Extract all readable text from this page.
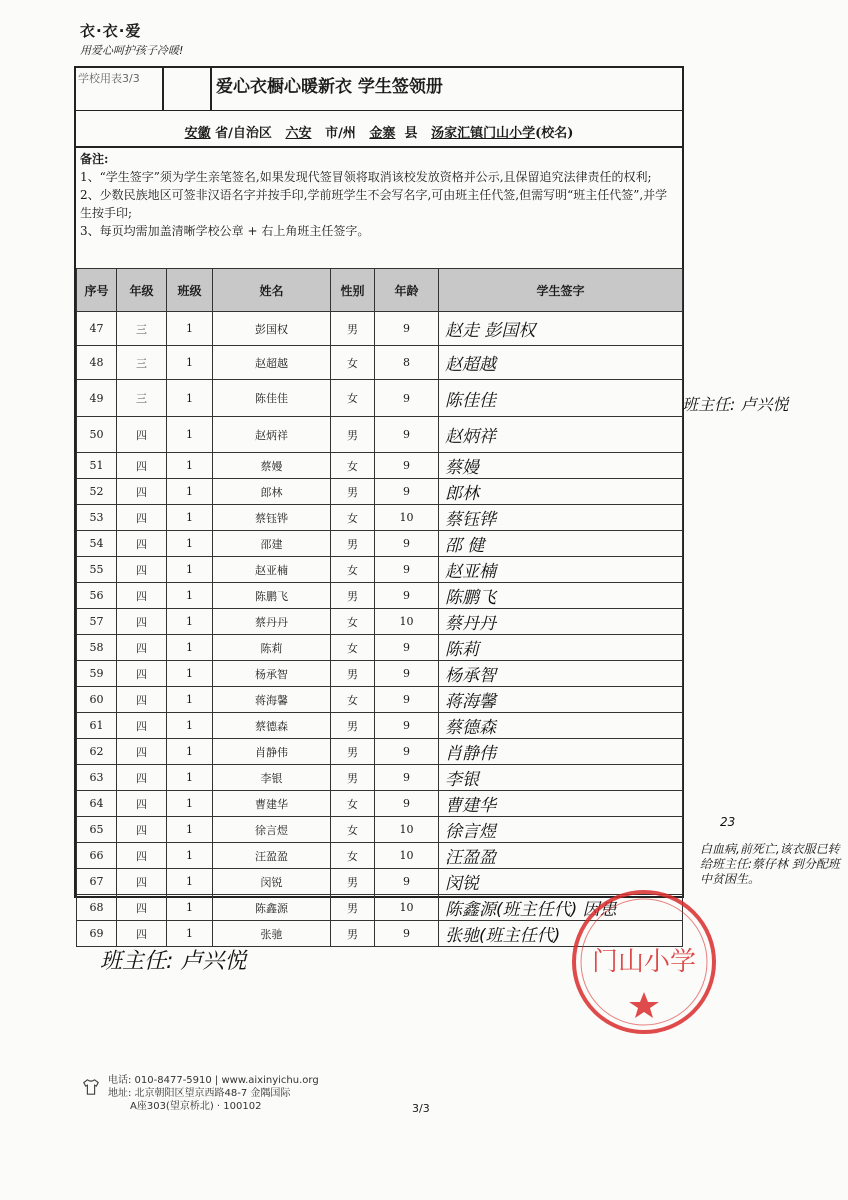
衣·衣·爱
用爱心呵护孩子冷暖!
学校用表3/3	爱心衣橱心暖新衣 学生签领册
安徽 省/自治区 六安 市/州 金寨 县 汤家汇镇门山小学(校名)
备注:
1、“学生签字”须为学生亲笔签名,如果发现代签冒领将取消该校发放资格并公示,且保留追究法律责任的权利;
2、少数民族地区可签非汉语名字并按手印,学前班学生不会写名字,可由班主任代签,但需写明“班主任代签”,并学生按手印;
3、每页均需加盖清晰学校公章 + 右上角班主任签字。
序号	年级	班级	姓名	性别	年龄	学生签字
47	三	1	彭国权	男	9	赵走 彭国权
48	三	1	赵超越	女	8	赵超越
49	三	1	陈佳佳	女	9	陈佳佳
50	四	1	赵炳祥	男	9	赵炳祥
51	四	1	蔡嫚	女	9	蔡嫚
52	四	1	郎林	男	9	郎林
53	四	1	蔡钰铧	女	10	蔡钰铧
54	四	1	邵建	男	9	邵 健
55	四	1	赵亚楠	女	9	赵亚楠
56	四	1	陈鹏飞	男	9	陈鹏飞
57	四	1	蔡丹丹	女	10	蔡丹丹
58	四	1	陈莉	女	9	陈莉
59	四	1	杨承智	男	9	杨承智
60	四	1	蒋海馨	女	9	蒋海馨
61	四	1	蔡德森	男	9	蔡德森
62	四	1	肖静伟	男	9	肖静伟
63	四	1	李银	男	9	李银
64	四	1	曹建华	女	9	曹建华
65	四	1	徐言煜	女	10	徐言煜
66	四	1	汪盈盈	女	10	汪盈盈
67	四	1	闵锐	男	9	闵锐
68	四	1	陈鑫源	男	10	陈鑫源(班主任代) 因患
69	四	1	张驰	男	9	张驰(班主任代)
班主任: 卢兴悦
23
白血病,前死亡,该衣服已转给班主任:蔡仔林 到分配班中贫困生。
班主任: 卢兴悦	门山小学
电话: 010-8477-5910 | www.aixinyichu.org
地址: 北京朝阳区望京西路48-7 金隅国际
A座303(望京桥北) · 100102	3/3
